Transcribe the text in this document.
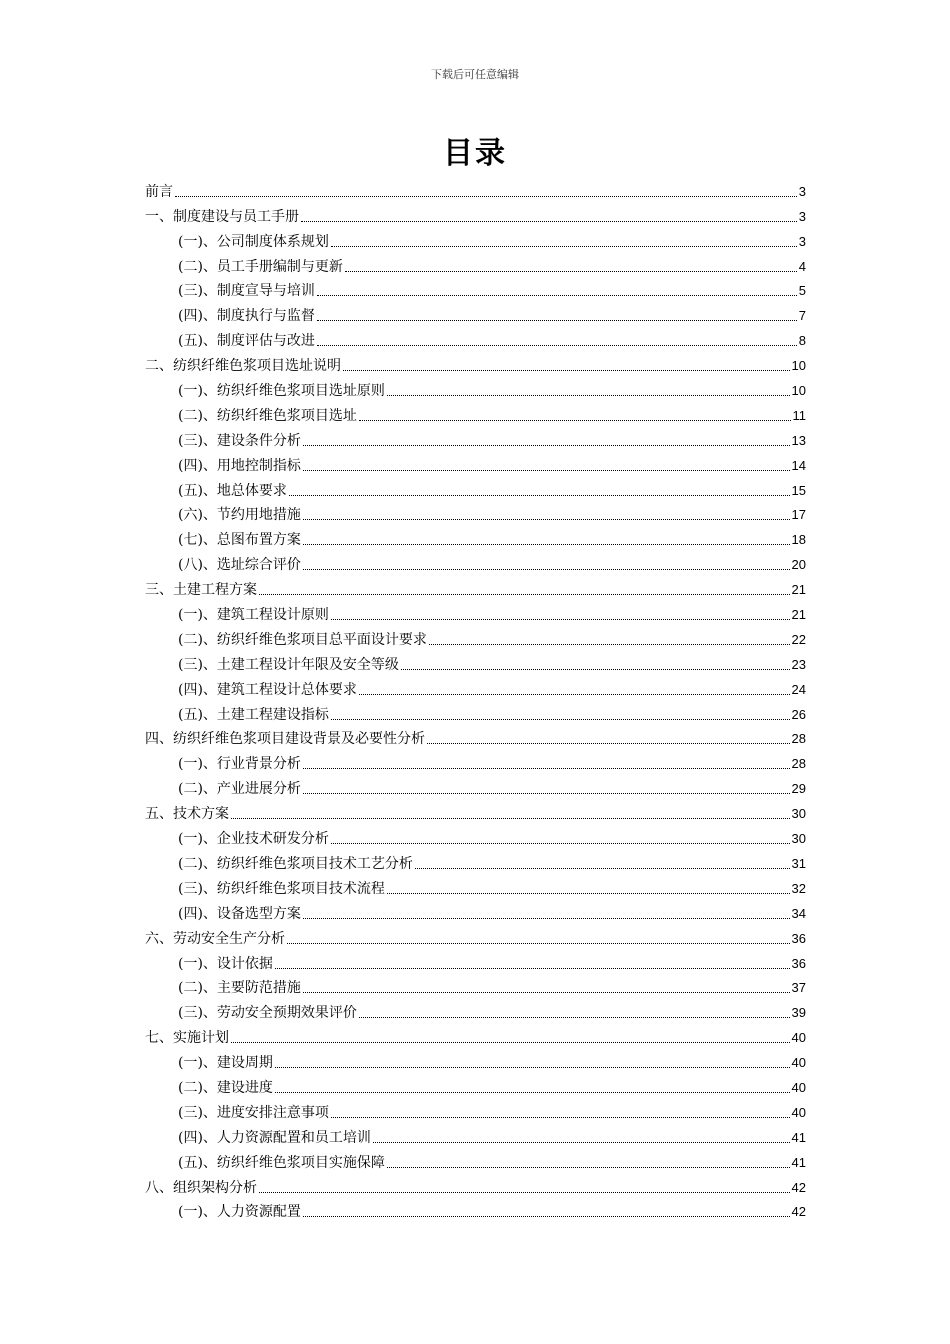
下载后可任意编辑
目录
前言	3
一、制度建设与员工手册	3
(一)、公司制度体系规划	3
(二)、员工手册编制与更新	4
(三)、制度宣导与培训	5
(四)、制度执行与监督	7
(五)、制度评估与改进	8
二、纺织纤维色浆项目选址说明	10
(一)、纺织纤维色浆项目选址原则	10
(二)、纺织纤维色浆项目选址	11
(三)、建设条件分析	13
(四)、用地控制指标	14
(五)、地总体要求	15
(六)、节约用地措施	17
(七)、总图布置方案	18
(八)、选址综合评价	20
三、土建工程方案	21
(一)、建筑工程设计原则	21
(二)、纺织纤维色浆项目总平面设计要求	22
(三)、土建工程设计年限及安全等级	23
(四)、建筑工程设计总体要求	24
(五)、土建工程建设指标	26
四、纺织纤维色浆项目建设背景及必要性分析	28
(一)、行业背景分析	28
(二)、产业进展分析	29
五、技术方案	30
(一)、企业技术研发分析	30
(二)、纺织纤维色浆项目技术工艺分析	31
(三)、纺织纤维色浆项目技术流程	32
(四)、设备选型方案	34
六、劳动安全生产分析	36
(一)、设计依据	36
(二)、主要防范措施	37
(三)、劳动安全预期效果评价	39
七、实施计划	40
(一)、建设周期	40
(二)、建设进度	40
(三)、进度安排注意事项	40
(四)、人力资源配置和员工培训	41
(五)、纺织纤维色浆项目实施保障	41
八、组织架构分析	42
(一)、人力资源配置	42
